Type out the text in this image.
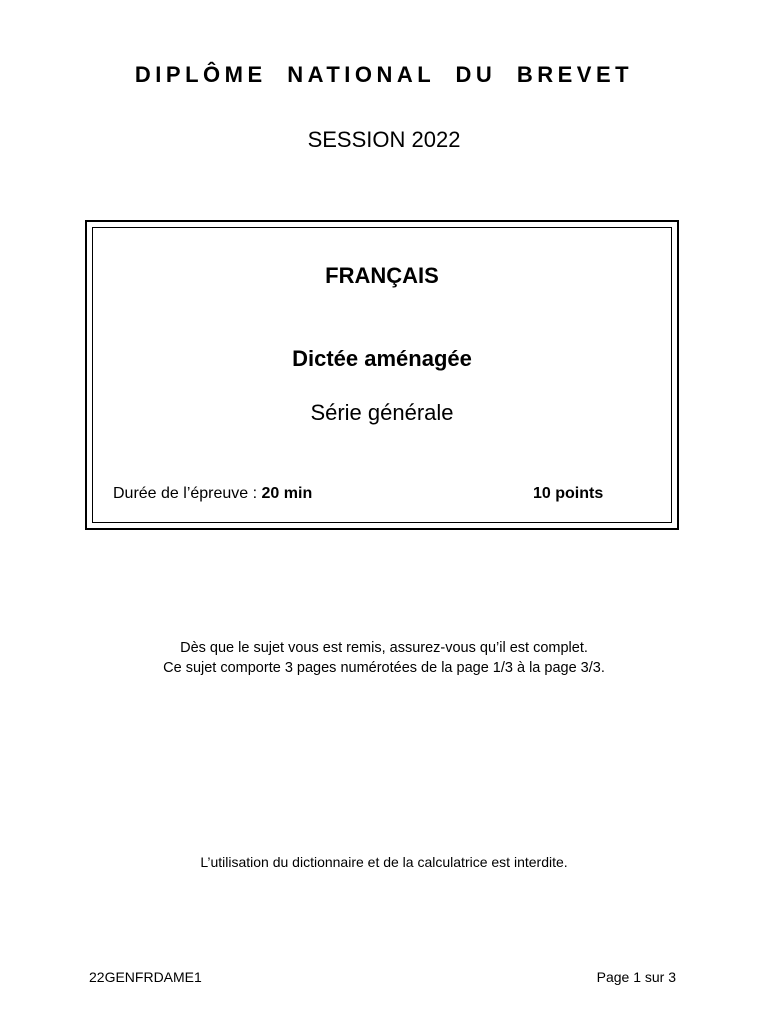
DIPLÔME NATIONAL DU BREVET
SESSION 2022
FRANÇAIS
Dictée aménagée
Série générale
Durée de l’épreuve : 20 min	10 points
Dès que le sujet vous est remis, assurez-vous qu’il est complet.
Ce sujet comporte 3 pages numérotées de la page 1/3 à la page 3/3.
L’utilisation du dictionnaire et de la calculatrice est interdite.
22GENFRDAME1	Page 1 sur 3
